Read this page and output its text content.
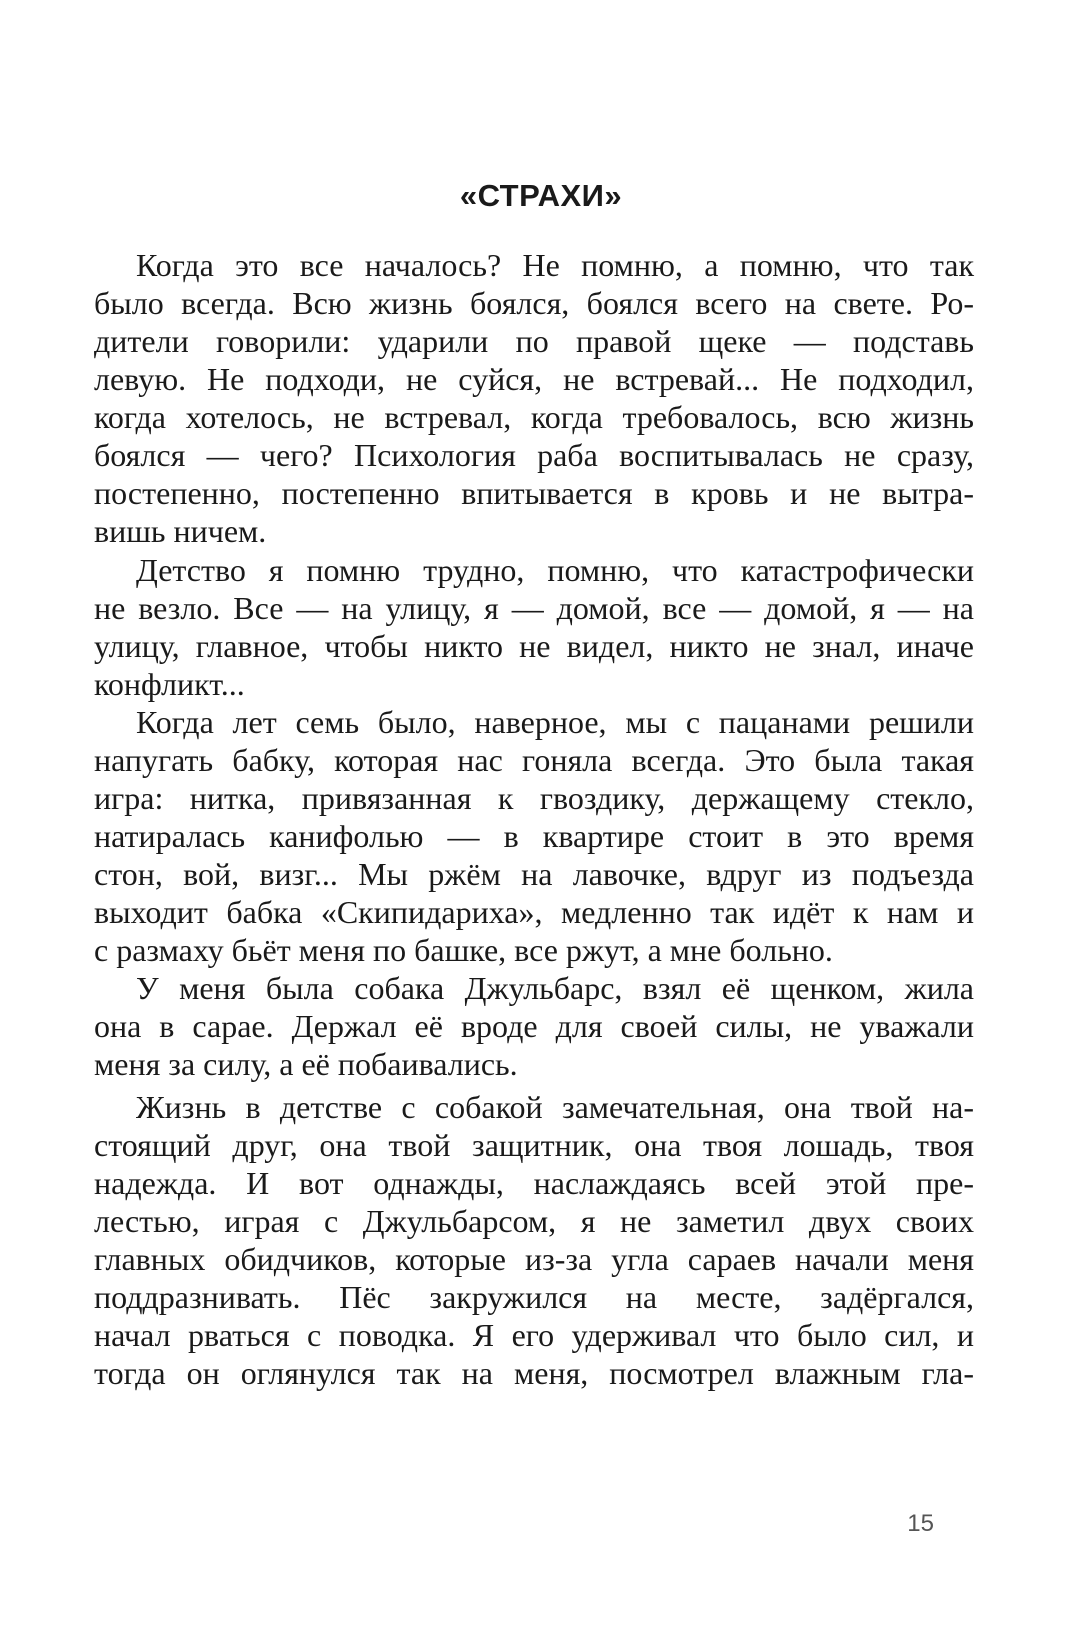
«СТРАХИ»

Когда это все началось? Не помню, а помню, что так

было всегда. Всю жизнь боялся, боялся всего на свете. Ро-

дители говорили: ударили по правой щеке — подставь

левую. Не подходи, не суйся, не встревай... Не подходил,

когда хотелось, не встревал, когда требовалось, всю жизнь

боялся — чего? Психология раба воспитывалась не сразу,

постепенно, постепенно впитывается в кровь и не вытра-

вишь ничем.

Детство я помню трудно, помню, что катастрофически

не везло. Все — на улицу, я — домой, все — домой, я — на

улицу, главное, чтобы никто не видел, никто не знал, иначе

конфликт...

Когда лет семь было, наверное, мы с пацанами решили

напугать бабку, которая нас гоняла всегда. Это была такая

игра: нитка, привязанная к гвоздику, держащему стекло,

натиралась канифолью — в квартире стоит в это время

стон, вой, визг... Мы ржём на лавочке, вдруг из подъезда

выходит бабка «Скипидариха», медленно так идёт к нам и

с размаху бьёт меня по башке, все ржут, а мне больно.

У меня была собака Джульбарс, взял её щенком, жила

она в сарае. Держал её вроде для своей силы, не уважали

меня за силу, а её побаивались.

Жизнь в детстве с собакой замечательная, она твой на-

стоящий друг, она твой защитник, она твоя лошадь, твоя

надежда. И вот однажды, наслаждаясь всей этой пре-

лестью, играя с Джульбарсом, я не заметил двух своих

главных обидчиков, которые из-за угла сараев начали меня

поддразнивать. Пёс закружился на месте, задёргался,

начал рваться с поводка. Я его удерживал что было сил, и

тогда он оглянулся так на меня, посмотрел влажным гла-

15
